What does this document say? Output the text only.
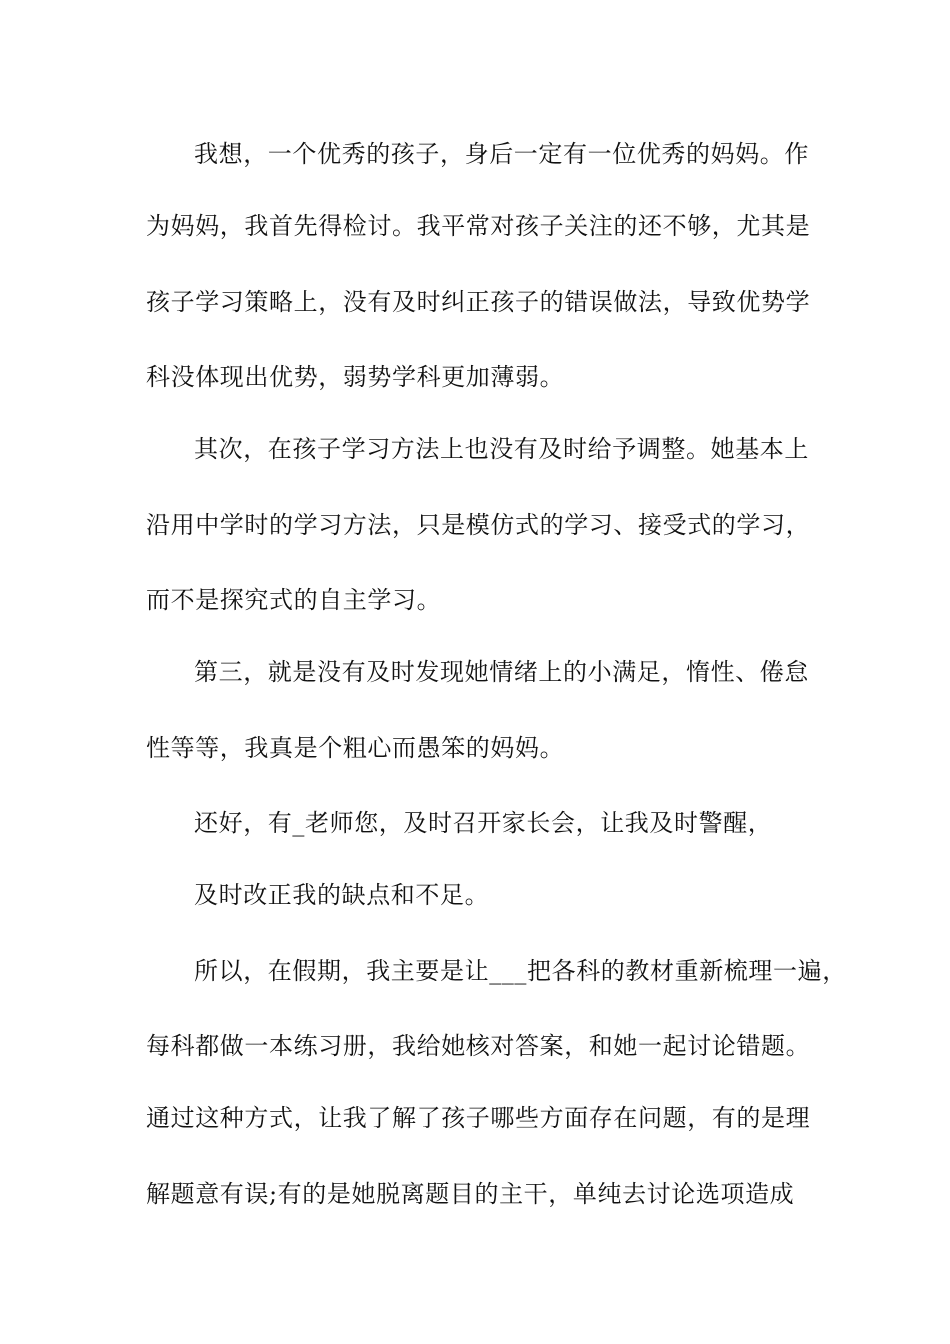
我想，一个优秀的孩子，身后一定有一位优秀的妈妈。作
为妈妈，我首先得检讨。我平常对孩子关注的还不够，尤其是
孩子学习策略上，没有及时纠正孩子的错误做法，导致优势学
科没体现出优势，弱势学科更加薄弱。
其次，在孩子学习方法上也没有及时给予调整。她基本上
沿用中学时的学习方法，只是模仿式的学习、接受式的学习，
而不是探究式的自主学习。
第三，就是没有及时发现她情绪上的小满足，惰性、倦怠
性等等，我真是个粗心而愚笨的妈妈。
还好，有_老师您，及时召开家长会，让我及时警醒，
及时改正我的缺点和不足。
所以，在假期，我主要是让___把各科的教材重新梳理一遍，
每科都做一本练习册，我给她核对答案，和她一起讨论错题。
通过这种方式，让我了解了孩子哪些方面存在问题，有的是理
解题意有误;有的是她脱离题目的主干，单纯去讨论选项造成
